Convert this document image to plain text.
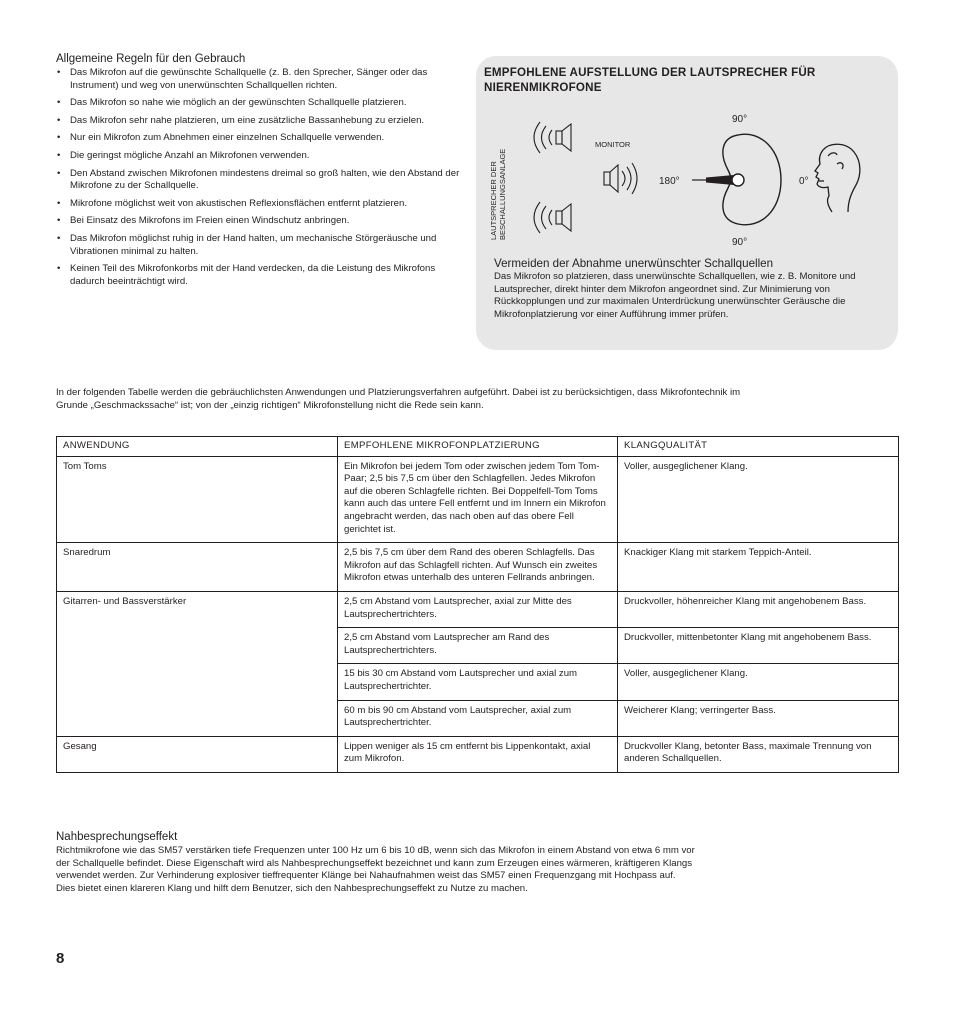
Allgemeine Regeln für den Gebrauch
• Das Mikrofon auf die gewünschte Schallquelle (z. B. den Sprecher, Sänger oder das Instrument) und weg von unerwünschten Schallquellen richten.
• Das Mikrofon so nahe wie möglich an der gewünschten Schallquelle platzieren.
• Das Mikrofon sehr nahe platzieren, um eine zusätzliche Bassanhebung zu erzielen.
• Nur ein Mikrofon zum Abnehmen einer einzelnen Schallquelle verwenden.
• Die geringst mögliche Anzahl an Mikrofonen verwenden.
• Den Abstand zwischen Mikrofonen mindestens dreimal so groß halten, wie den Abstand der Mikrofone zu der Schallquelle.
• Mikrofone möglichst weit von akustischen Reflexionsflächen entfernt platzieren.
• Bei Einsatz des Mikrofons im Freien einen Windschutz anbringen.
• Das Mikrofon möglichst ruhig in der Hand halten, um mechanische Störgeräusche und Vibrationen minimal zu halten.
• Keinen Teil des Mikrofonkorbs mit der Hand verdecken, da die Leistung des Mikrofons dadurch beeinträchtigt wird.
EMPFOHLENE AUFSTELLUNG DER LAUTSPRECHER FÜR NIERENMIKROFONE
LAUTSPRECHER DER BESCHALLUNGSANLAGE
MONITOR
90°
180°	0°
90°
Vermeiden der Abnahme unerwünschter Schallquellen
Das Mikrofon so platzieren, dass unerwünschte Schallquellen, wie z. B. Monitore und Lautsprecher, direkt hinter dem Mikrofon angeordnet sind. Zur Minimierung von Rückkopplungen und zur maximalen Unterdrückung unerwünschter Geräusche die Mikrofonplatzierung vor einer Aufführung immer prüfen.
In der folgenden Tabelle werden die gebräuchlichsten Anwendungen und Platzierungsverfahren aufgeführt. Dabei ist zu berücksichtigen, dass Mikrofontechnik im Grunde „Geschmackssache“ ist; von der „einzig richtigen“ Mikrofonstellung nicht die Rede sein kann.
ANWENDUNG	EMPFOHLENE MIKROFONPLATZIERUNG	KLANGQUALITÄT
Tom Toms	Ein Mikrofon bei jedem Tom oder zwischen jedem Tom Tom-Paar; 2,5 bis 7,5 cm über den Schlagfellen. Jedes Mikrofon auf die oberen Schlagfelle richten. Bei Doppelfell-Tom Toms kann auch das untere Fell entfernt und im Innern ein Mikrofon angebracht werden, das nach oben auf das obere Fell gerichtet ist.	Voller, ausgeglichener Klang.
Snaredrum	2,5 bis 7,5 cm über dem Rand des oberen Schlagfells. Das Mikrofon auf das Schlagfell richten. Auf Wunsch ein zweites Mikrofon etwas unterhalb des unteren Fellrands anbringen.	Knackiger Klang mit starkem Teppich-Anteil.
Gitarren- und Bassverstärker	2,5 cm Abstand vom Lautsprecher, axial zur Mitte des Lautsprechertrichters.	Druckvoller, höhenreicher Klang mit angehobenem Bass.
	2,5 cm Abstand vom Lautsprecher am Rand des Lautsprechertrichters.	Druckvoller, mittenbetonter Klang mit angehobenem Bass.
	15 bis 30 cm Abstand vom Lautsprecher und axial zum Lautsprechertrichter.	Voller, ausgeglichener Klang.
	60 m bis 90 cm Abstand vom Lautsprecher, axial zum Lautsprechertrichter.	Weicherer Klang; verringerter Bass.
Gesang	Lippen weniger als 15 cm entfernt bis Lippenkontakt, axial zum Mikrofon.	Druckvoller Klang, betonter Bass, maximale Trennung von anderen Schallquellen.
Nahbesprechungseffekt

Richtmikrofone wie das SM57 verstärken tiefe Frequenzen unter 100 Hz um 6 bis 10 dB, wenn sich das Mikrofon in einem Abstand von etwa 6 mm vor der Schallquelle befindet. Diese Eigenschaft wird als Nahbesprechungseffekt bezeichnet und kann zum Erzeugen eines wärmeren, kräftigeren Klangs verwendet werden. Zur Verhinderung explosiver tieffrequenter Klänge bei Nahaufnahmen weist das SM57 einen Frequenzgang mit Hochpass auf. Dies bietet einen klareren Klang und hilft dem Benutzer, sich den Nahbesprechungseffekt zu Nutze zu machen.

8
